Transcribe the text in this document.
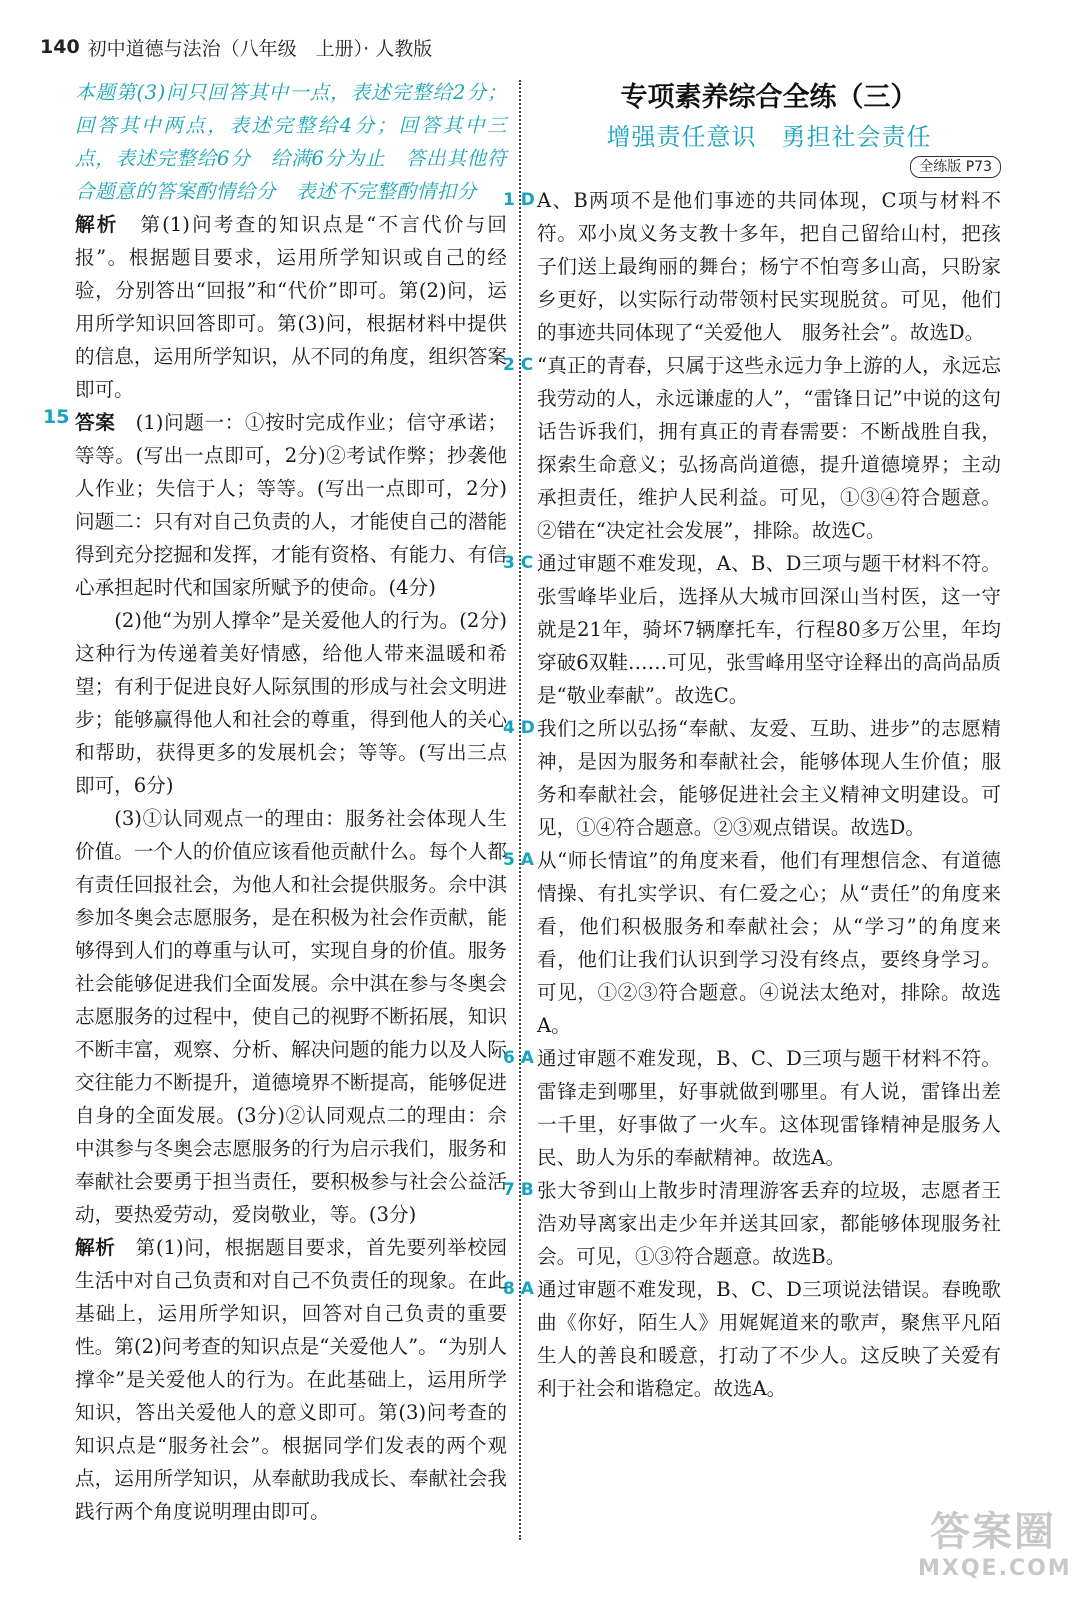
140 初中道德与法治（八年级　上册）· 人教版

本题第(3)问只回答其中一点，表述完整给2分；回答其中两点，表述完整给4分；回答其中三点，表述完整给6分　给满6分为止　答出其他符合题意的答案酌情给分　表述不完整酌情扣分

解析　 第(1)问考查的知识点是“不言代价与回报”。根据题目要求，运用所学知识或自己的经验，分别答出“回报”和“代价”即可。第(2)问，运用所学知识回答即可。第(3)问，根据材料中提供的信息，运用所学知识，从不同的角度，组织答案即可。

15 答案　 (1)问题一：①按时完成作业；信守承诺；等等。(写出一点即可，2分)②考试作弊；抄袭他人作业；失信于人；等等。(写出一点即可，2分)问题二：只有对自己负责的人，才能使自己的潜能得到充分挖掘和发挥，才能有资格、有能力、有信心承担起时代和国家所赋予的使命。(4分)

(2)他“为别人撑伞”是关爱他人的行为。(2分)这种行为传递着美好情感，给他人带来温暖和希望；有利于促进良好人际氛围的形成与社会文明进步；能够赢得他人和社会的尊重，得到他人的关心和帮助，获得更多的发展机会；等等。(写出三点即可，6分)

(3)①认同观点一的理由：服务社会体现人生价值。一个人的价值应该看他贡献什么。每个人都有责任回报社会，为他人和社会提供服务。佘中淇参加冬奥会志愿服务，是在积极为社会作贡献，能够得到人们的尊重与认可，实现自身的价值。服务社会能够促进我们全面发展。佘中淇在参与冬奥会志愿服务的过程中，使自己的视野不断拓展，知识不断丰富，观察、分析、解决问题的能力以及人际交往能力不断提升，道德境界不断提高，能够促进自身的全面发展。(3分)②认同观点二的理由：佘中淇参与冬奥会志愿服务的行为启示我们，服务和奉献社会要勇于担当责任，要积极参与社会公益活动，要热爱劳动，爱岗敬业，等。(3分)

解析　 第(1)问，根据题目要求，首先要列举校园生活中对自己负责和对自己不负责任的现象。在此基础上，运用所学知识，回答对自己负责的重要性。第(2)问考查的知识点是“关爱他人”。“为别人撑伞”是关爱他人的行为。在此基础上，运用所学知识，答出关爱他人的意义即可。第(3)问考查的知识点是“服务社会”。根据同学们发表的两个观点，运用所学知识，从奉献助我成长、奉献社会我践行两个角度说明理由即可。

专项素养综合全练（三）
增强责任意识　勇担社会责任
全练版 P73
1 D A、B两项不是他们事迹的共同体现，C项与材料不符。邓小岚义务支教十多年，把自己留给山村，把孩子们送上最绚丽的舞台；杨宁不怕弯多山高，只盼家乡更好，以实际行动带领村民实现脱贫。可见，他们的事迹共同体现了“关爱他人　服务社会”。故选D。

2 C “真正的青春，只属于这些永远力争上游的人，永远忘我劳动的人，永远谦虚的人”，“雷锋日记”中说的这句话告诉我们，拥有真正的青春需要：不断战胜自我，探索生命意义；弘扬高尚道德，提升道德境界；主动承担责任，维护人民利益。可见，①③④符合题意。②错在“决定社会发展”，排除。故选C。

3 C 通过审题不难发现，A、B、D三项与题干材料不符。张雪峰毕业后，选择从大城市回深山当村医，这一守就是21年，骑坏7辆摩托车，行程80多万公里，年均穿破6双鞋……可见，张雪峰用坚守诠释出的高尚品质是“敬业奉献”。故选C。

4 D 我们之所以弘扬“奉献、友爱、互助、进步”的志愿精神，是因为服务和奉献社会，能够体现人生价值；服务和奉献社会，能够促进社会主义精神文明建设。可见，①④符合题意。②③观点错误。故选D。

5 A 从“师长情谊”的角度来看，他们有理想信念、有道德情操、有扎实学识、有仁爱之心；从“责任”的角度来看，他们积极服务和奉献社会；从“学习”的角度来看，他们让我们认识到学习没有终点，要终身学习。可见，①②③符合题意。④说法太绝对，排除。故选A。

6 A 通过审题不难发现，B、C、D三项与题干材料不符。雷锋走到哪里，好事就做到哪里。有人说，雷锋出差一千里，好事做了一火车。这体现雷锋精神是服务人民、助人为乐的奉献精神。故选A。

7 B 张大爷到山上散步时清理游客丢弃的垃圾，志愿者王浩劝导离家出走少年并送其回家，都能够体现服务社会。可见，①③符合题意。故选B。

8 A 通过审题不难发现，B、C、D三项说法错误。春晚歌曲《你好，陌生人》用娓娓道来的歌声，聚焦平凡陌生人的善良和暖意，打动了不少人。这反映了关爱有利于社会和谐稳定。故选A。

答案圈
MXQE.COM
